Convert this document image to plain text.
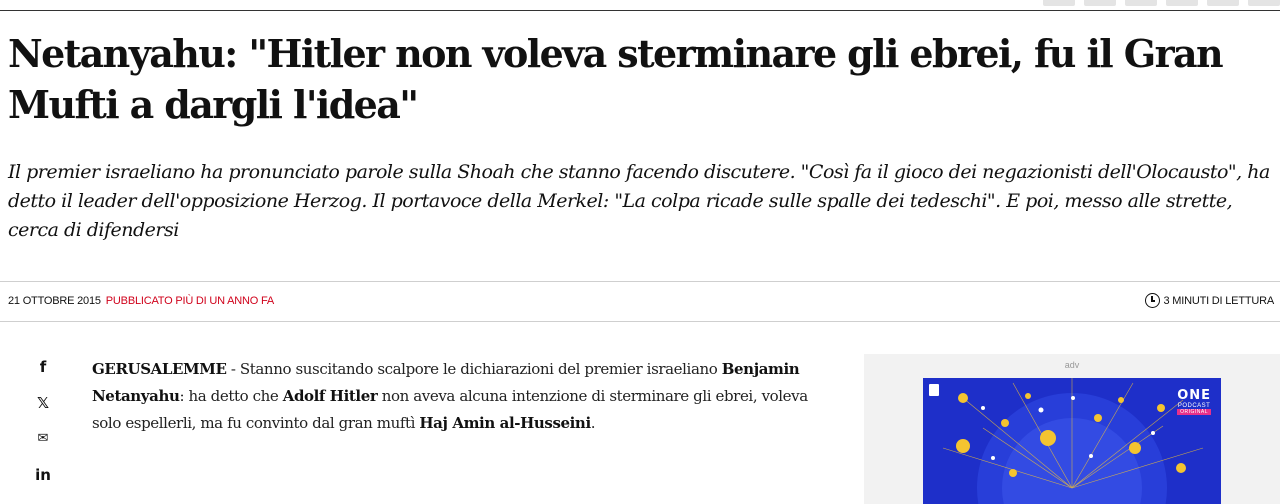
Netanyahu: "Hitler non voleva sterminare gli ebrei, fu il Gran Mufti a dargli l'idea"

Il premier israeliano ha pronunciato parole sulla Shoah che stanno facendo discutere. "Così fa il gioco dei negazionisti dell'Olocausto", ha detto il leader dell'opposizione Herzog. Il portavoce della Merkel: "La colpa ricade sulle spalle dei tedeschi". E poi, messo alle strette, cerca di difendersi

21 OTTOBRE 2015 PUBBLICATO PIÙ DI UN ANNO FA	3 MINUTI DI LETTURA
f
𝕏
✉
in

GERUSALEMME - Stanno suscitando scalpore le dichiarazioni del premier israeliano Benjamin Netanyahu: ha detto che Adolf Hitler non aveva alcuna intenzione di sterminare gli ebrei, voleva solo espellerli, ma fu convinto dal gran muftì Haj Amin al-Husseini.

adv
ONE
PODCAST
ORIGINAL
